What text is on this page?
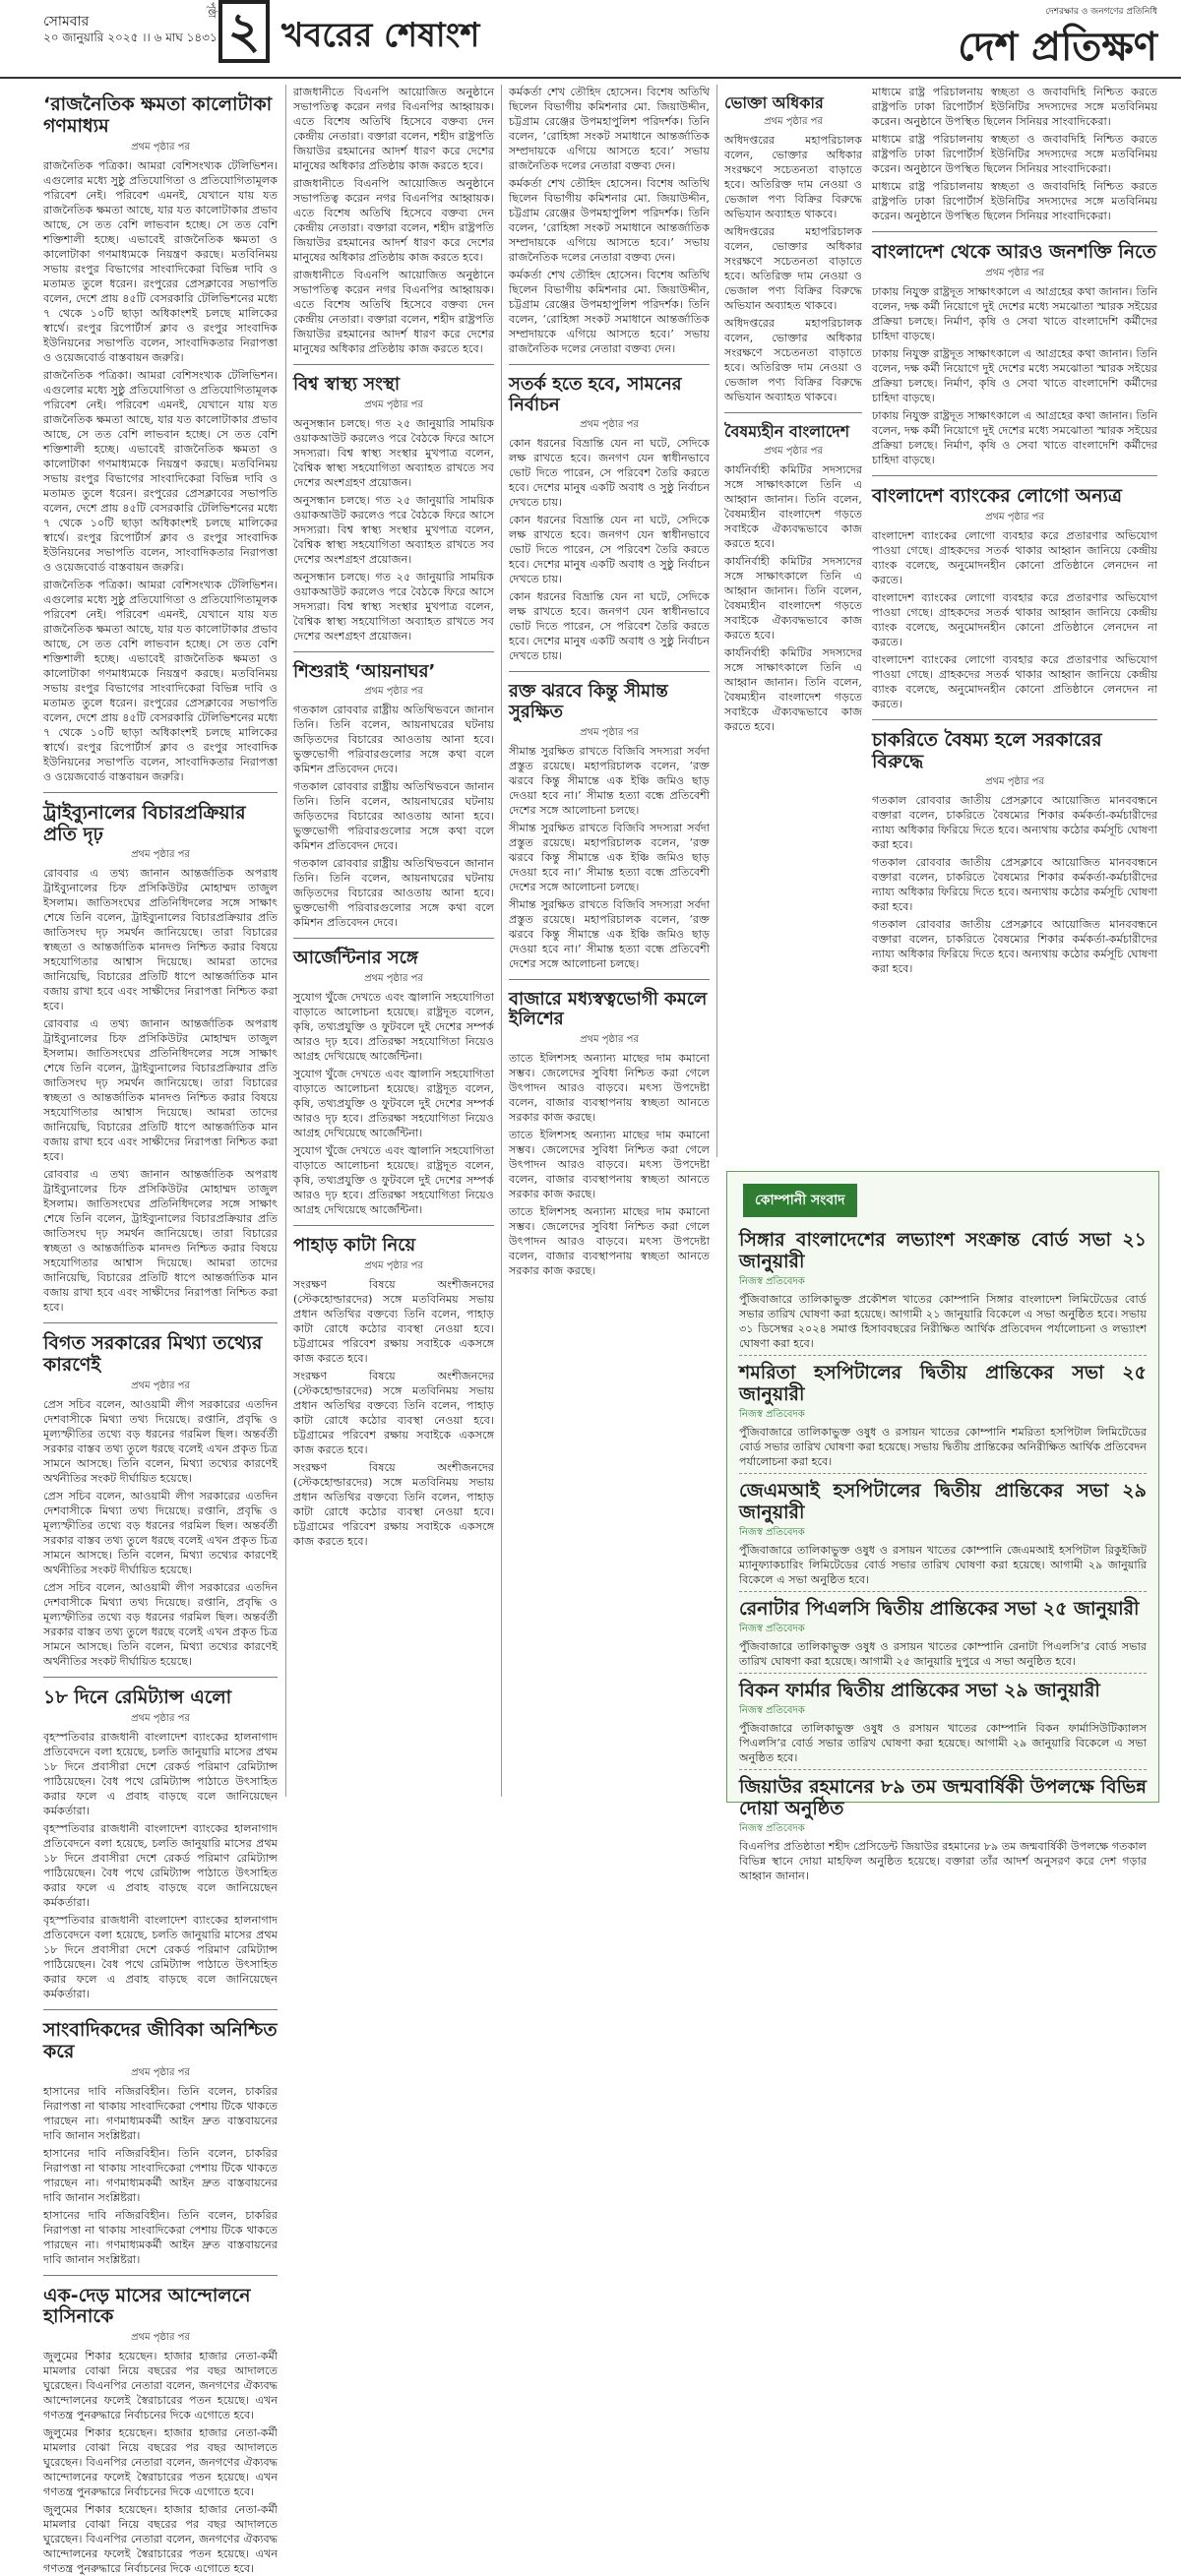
সোমবার
২০ জানুয়ারি ২০২৫ ।। ৬ মাঘ ১৪৩১
পৃষ্ঠা ২ খবরের শেষাংশ
দেশরক্ষার ও জনগণের প্রতিনিধি
দেশ প্রতিক্ষণ
‘রাজনৈতিক ক্ষমতা কালোটাকা গণমাধ্যম
প্রথম পৃষ্ঠার পর

রাজনৈতিক পত্রিকা। আমরা বেশিসংখ্যক টেলিভিশন। এগুলোর মধ্যে সুষ্ঠু প্রতিযোগিতা ও প্রতিযোগিতামূলক পরিবেশ নেই। পরিবেশ এমনই, যেখানে যায় যত রাজনৈতিক ক্ষমতা আছে, যার যত কালোটাকার প্রভাব আছে, সে তত বেশি লাভবান হচ্ছে। সে তত বেশি শক্তিশালী হচ্ছে। এভাবেই রাজনৈতিক ক্ষমতা ও কালোটাকা গণমাধ্যমকে নিয়ন্ত্রণ করছে। মতবিনিময় সভায় রংপুর বিভাগের সাংবাদিকেরা বিভিন্ন দাবি ও মতামত তুলে ধরেন। রংপুরের প্রেসক্লাবের সভাপতি বলেন, দেশে প্রায় ৪৫টি বেসরকারি টেলিভিশনের মধ্যে ৭ থেকে ১০টি ছাড়া অধিকাংশই চলছে মালিকের স্বার্থে। রংপুর রিপোর্টার্স ক্লাব ও রংপুর সাংবাদিক ইউনিয়নের সভাপতি বলেন, সাংবাদিকতার নিরাপত্তা ও ওয়েজবোর্ড বাস্তবায়ন জরুরি।

রাজনৈতিক পত্রিকা। আমরা বেশিসংখ্যক টেলিভিশন। এগুলোর মধ্যে সুষ্ঠু প্রতিযোগিতা ও প্রতিযোগিতামূলক পরিবেশ নেই। পরিবেশ এমনই, যেখানে যায় যত রাজনৈতিক ক্ষমতা আছে, যার যত কালোটাকার প্রভাব আছে, সে তত বেশি লাভবান হচ্ছে। সে তত বেশি শক্তিশালী হচ্ছে। এভাবেই রাজনৈতিক ক্ষমতা ও কালোটাকা গণমাধ্যমকে নিয়ন্ত্রণ করছে। মতবিনিময় সভায় রংপুর বিভাগের সাংবাদিকেরা বিভিন্ন দাবি ও মতামত তুলে ধরেন। রংপুরের প্রেসক্লাবের সভাপতি বলেন, দেশে প্রায় ৪৫টি বেসরকারি টেলিভিশনের মধ্যে ৭ থেকে ১০টি ছাড়া অধিকাংশই চলছে মালিকের স্বার্থে। রংপুর রিপোর্টার্স ক্লাব ও রংপুর সাংবাদিক ইউনিয়নের সভাপতি বলেন, সাংবাদিকতার নিরাপত্তা ও ওয়েজবোর্ড বাস্তবায়ন জরুরি।

রাজনৈতিক পত্রিকা। আমরা বেশিসংখ্যক টেলিভিশন। এগুলোর মধ্যে সুষ্ঠু প্রতিযোগিতা ও প্রতিযোগিতামূলক পরিবেশ নেই। পরিবেশ এমনই, যেখানে যায় যত রাজনৈতিক ক্ষমতা আছে, যার যত কালোটাকার প্রভাব আছে, সে তত বেশি লাভবান হচ্ছে। সে তত বেশি শক্তিশালী হচ্ছে। এভাবেই রাজনৈতিক ক্ষমতা ও কালোটাকা গণমাধ্যমকে নিয়ন্ত্রণ করছে। মতবিনিময় সভায় রংপুর বিভাগের সাংবাদিকেরা বিভিন্ন দাবি ও মতামত তুলে ধরেন। রংপুরের প্রেসক্লাবের সভাপতি বলেন, দেশে প্রায় ৪৫টি বেসরকারি টেলিভিশনের মধ্যে ৭ থেকে ১০টি ছাড়া অধিকাংশই চলছে মালিকের স্বার্থে। রংপুর রিপোর্টার্স ক্লাব ও রংপুর সাংবাদিক ইউনিয়নের সভাপতি বলেন, সাংবাদিকতার নিরাপত্তা ও ওয়েজবোর্ড বাস্তবায়ন জরুরি।

ট্রাইব্যুনালের বিচারপ্রক্রিয়ার প্রতি দৃঢ়
প্রথম পৃষ্ঠার পর

রোববার এ তথ্য জানান আন্তর্জাতিক অপরাধ ট্রাইব্যুনালের চিফ প্রসিকিউটর মোহাম্মদ তাজুল ইসলাম। জাতিসংঘের প্রতিনিধিদলের সঙ্গে সাক্ষাৎ শেষে তিনি বলেন, ট্রাইব্যুনালের বিচারপ্রক্রিয়ার প্রতি জাতিসংঘ দৃঢ় সমর্থন জানিয়েছে। তারা বিচারের স্বচ্ছতা ও আন্তর্জাতিক মানদণ্ড নিশ্চিত করার বিষয়ে সহযোগিতার আশ্বাস দিয়েছে। আমরা তাদের জানিয়েছি, বিচারের প্রতিটি ধাপে আন্তর্জাতিক মান বজায় রাখা হবে এবং সাক্ষীদের নিরাপত্তা নিশ্চিত করা হবে।

রোববার এ তথ্য জানান আন্তর্জাতিক অপরাধ ট্রাইব্যুনালের চিফ প্রসিকিউটর মোহাম্মদ তাজুল ইসলাম। জাতিসংঘের প্রতিনিধিদলের সঙ্গে সাক্ষাৎ শেষে তিনি বলেন, ট্রাইব্যুনালের বিচারপ্রক্রিয়ার প্রতি জাতিসংঘ দৃঢ় সমর্থন জানিয়েছে। তারা বিচারের স্বচ্ছতা ও আন্তর্জাতিক মানদণ্ড নিশ্চিত করার বিষয়ে সহযোগিতার আশ্বাস দিয়েছে। আমরা তাদের জানিয়েছি, বিচারের প্রতিটি ধাপে আন্তর্জাতিক মান বজায় রাখা হবে এবং সাক্ষীদের নিরাপত্তা নিশ্চিত করা হবে।

রোববার এ তথ্য জানান আন্তর্জাতিক অপরাধ ট্রাইব্যুনালের চিফ প্রসিকিউটর মোহাম্মদ তাজুল ইসলাম। জাতিসংঘের প্রতিনিধিদলের সঙ্গে সাক্ষাৎ শেষে তিনি বলেন, ট্রাইব্যুনালের বিচারপ্রক্রিয়ার প্রতি জাতিসংঘ দৃঢ় সমর্থন জানিয়েছে। তারা বিচারের স্বচ্ছতা ও আন্তর্জাতিক মানদণ্ড নিশ্চিত করার বিষয়ে সহযোগিতার আশ্বাস দিয়েছে। আমরা তাদের জানিয়েছি, বিচারের প্রতিটি ধাপে আন্তর্জাতিক মান বজায় রাখা হবে এবং সাক্ষীদের নিরাপত্তা নিশ্চিত করা হবে।

বিগত সরকারের মিথ্যা তথ্যের কারণেই
প্রথম পৃষ্ঠার পর

প্রেস সচিব বলেন, আওয়ামী লীগ সরকারের এতদিন দেশবাসীকে মিথ্যা তথ্য দিয়েছে। রপ্তানি, প্রবৃদ্ধি ও মূল্যস্ফীতির তথ্যে বড় ধরনের গরমিল ছিল। অন্তর্বর্তী সরকার বাস্তব তথ্য তুলে ধরছে বলেই এখন প্রকৃত চিত্র সামনে আসছে। তিনি বলেন, মিথ্যা তথ্যের কারণেই অর্থনীতির সংকট দীর্ঘায়িত হয়েছে।

প্রেস সচিব বলেন, আওয়ামী লীগ সরকারের এতদিন দেশবাসীকে মিথ্যা তথ্য দিয়েছে। রপ্তানি, প্রবৃদ্ধি ও মূল্যস্ফীতির তথ্যে বড় ধরনের গরমিল ছিল। অন্তর্বর্তী সরকার বাস্তব তথ্য তুলে ধরছে বলেই এখন প্রকৃত চিত্র সামনে আসছে। তিনি বলেন, মিথ্যা তথ্যের কারণেই অর্থনীতির সংকট দীর্ঘায়িত হয়েছে।

প্রেস সচিব বলেন, আওয়ামী লীগ সরকারের এতদিন দেশবাসীকে মিথ্যা তথ্য দিয়েছে। রপ্তানি, প্রবৃদ্ধি ও মূল্যস্ফীতির তথ্যে বড় ধরনের গরমিল ছিল। অন্তর্বর্তী সরকার বাস্তব তথ্য তুলে ধরছে বলেই এখন প্রকৃত চিত্র সামনে আসছে। তিনি বলেন, মিথ্যা তথ্যের কারণেই অর্থনীতির সংকট দীর্ঘায়িত হয়েছে।

১৮ দিনে রেমিট্যান্স এলো
প্রথম পৃষ্ঠার পর

বৃহস্পতিবার রাজধানী বাংলাদেশ ব্যাংকের হালনাগাদ প্রতিবেদনে বলা হয়েছে, চলতি জানুয়ারি মাসের প্রথম ১৮ দিনে প্রবাসীরা দেশে রেকর্ড পরিমাণ রেমিট্যান্স পাঠিয়েছেন। বৈধ পথে রেমিট্যান্স পাঠাতে উৎসাহিত করার ফলে এ প্রবাহ বাড়ছে বলে জানিয়েছেন কর্মকর্তারা।

বৃহস্পতিবার রাজধানী বাংলাদেশ ব্যাংকের হালনাগাদ প্রতিবেদনে বলা হয়েছে, চলতি জানুয়ারি মাসের প্রথম ১৮ দিনে প্রবাসীরা দেশে রেকর্ড পরিমাণ রেমিট্যান্স পাঠিয়েছেন। বৈধ পথে রেমিট্যান্স পাঠাতে উৎসাহিত করার ফলে এ প্রবাহ বাড়ছে বলে জানিয়েছেন কর্মকর্তারা।

বৃহস্পতিবার রাজধানী বাংলাদেশ ব্যাংকের হালনাগাদ প্রতিবেদনে বলা হয়েছে, চলতি জানুয়ারি মাসের প্রথম ১৮ দিনে প্রবাসীরা দেশে রেকর্ড পরিমাণ রেমিট্যান্স পাঠিয়েছেন। বৈধ পথে রেমিট্যান্স পাঠাতে উৎসাহিত করার ফলে এ প্রবাহ বাড়ছে বলে জানিয়েছেন কর্মকর্তারা।

সাংবাদিকদের জীবিকা অনিশ্চিত করে
প্রথম পৃষ্ঠার পর

হাসানের দাবি নজিরবিহীন। তিনি বলেন, চাকরির নিরাপত্তা না থাকায় সাংবাদিকেরা পেশায় টিকে থাকতে পারছেন না। গণমাধ্যমকর্মী আইন দ্রুত বাস্তবায়নের দাবি জানান সংশ্লিষ্টরা।

হাসানের দাবি নজিরবিহীন। তিনি বলেন, চাকরির নিরাপত্তা না থাকায় সাংবাদিকেরা পেশায় টিকে থাকতে পারছেন না। গণমাধ্যমকর্মী আইন দ্রুত বাস্তবায়নের দাবি জানান সংশ্লিষ্টরা।

হাসানের দাবি নজিরবিহীন। তিনি বলেন, চাকরির নিরাপত্তা না থাকায় সাংবাদিকেরা পেশায় টিকে থাকতে পারছেন না। গণমাধ্যমকর্মী আইন দ্রুত বাস্তবায়নের দাবি জানান সংশ্লিষ্টরা।

এক-দেড় মাসের আন্দোলনে হাসিনাকে
প্রথম পৃষ্ঠার পর

জুলুমের শিকার হয়েছেন। হাজার হাজার নেতা-কর্মী মামলার বোঝা নিয়ে বছরের পর বছর আদালতে ঘুরেছেন। বিএনপির নেতারা বলেন, জনগণের ঐক্যবদ্ধ আন্দোলনের ফলেই স্বৈরাচারের পতন হয়েছে। এখন গণতন্ত্র পুনরুদ্ধারে নির্বাচনের দিকে এগোতে হবে।

জুলুমের শিকার হয়েছেন। হাজার হাজার নেতা-কর্মী মামলার বোঝা নিয়ে বছরের পর বছর আদালতে ঘুরেছেন। বিএনপির নেতারা বলেন, জনগণের ঐক্যবদ্ধ আন্দোলনের ফলেই স্বৈরাচারের পতন হয়েছে। এখন গণতন্ত্র পুনরুদ্ধারে নির্বাচনের দিকে এগোতে হবে।

জুলুমের শিকার হয়েছেন। হাজার হাজার নেতা-কর্মী মামলার বোঝা নিয়ে বছরের পর বছর আদালতে ঘুরেছেন। বিএনপির নেতারা বলেন, জনগণের ঐক্যবদ্ধ আন্দোলনের ফলেই স্বৈরাচারের পতন হয়েছে। এখন গণতন্ত্র পুনরুদ্ধারে নির্বাচনের দিকে এগোতে হবে।

রাজধানীতে বিএনপি আয়োজিত অনুষ্ঠানে সভাপতিত্ব করেন নগর বিএনপির আহ্বায়ক। এতে বিশেষ অতিথি হিসেবে বক্তব্য দেন কেন্দ্রীয় নেতারা। বক্তারা বলেন, শহীদ রাষ্ট্রপতি জিয়াউর রহমানের আদর্শ ধারণ করে দেশের মানুষের অধিকার প্রতিষ্ঠায় কাজ করতে হবে।

রাজধানীতে বিএনপি আয়োজিত অনুষ্ঠানে সভাপতিত্ব করেন নগর বিএনপির আহ্বায়ক। এতে বিশেষ অতিথি হিসেবে বক্তব্য দেন কেন্দ্রীয় নেতারা। বক্তারা বলেন, শহীদ রাষ্ট্রপতি জিয়াউর রহমানের আদর্শ ধারণ করে দেশের মানুষের অধিকার প্রতিষ্ঠায় কাজ করতে হবে।

রাজধানীতে বিএনপি আয়োজিত অনুষ্ঠানে সভাপতিত্ব করেন নগর বিএনপির আহ্বায়ক। এতে বিশেষ অতিথি হিসেবে বক্তব্য দেন কেন্দ্রীয় নেতারা। বক্তারা বলেন, শহীদ রাষ্ট্রপতি জিয়াউর রহমানের আদর্শ ধারণ করে দেশের মানুষের অধিকার প্রতিষ্ঠায় কাজ করতে হবে।

বিশ্ব স্বাস্থ্য সংস্থা
প্রথম পৃষ্ঠার পর

অনুসন্ধান চলছে। গত ২৫ জানুয়ারি সাময়িক ওয়াকআউট করলেও পরে বৈঠকে ফিরে আসে সদস্যরা। বিশ্ব স্বাস্থ্য সংস্থার মুখপাত্র বলেন, বৈশ্বিক স্বাস্থ্য সহযোগিতা অব্যাহত রাখতে সব দেশের অংশগ্রহণ প্রয়োজন।

অনুসন্ধান চলছে। গত ২৫ জানুয়ারি সাময়িক ওয়াকআউট করলেও পরে বৈঠকে ফিরে আসে সদস্যরা। বিশ্ব স্বাস্থ্য সংস্থার মুখপাত্র বলেন, বৈশ্বিক স্বাস্থ্য সহযোগিতা অব্যাহত রাখতে সব দেশের অংশগ্রহণ প্রয়োজন।

অনুসন্ধান চলছে। গত ২৫ জানুয়ারি সাময়িক ওয়াকআউট করলেও পরে বৈঠকে ফিরে আসে সদস্যরা। বিশ্ব স্বাস্থ্য সংস্থার মুখপাত্র বলেন, বৈশ্বিক স্বাস্থ্য সহযোগিতা অব্যাহত রাখতে সব দেশের অংশগ্রহণ প্রয়োজন।

শিশুরাই ‘আয়নাঘর’
প্রথম পৃষ্ঠার পর

গতকাল রোববার রাষ্ট্রীয় অতিথিভবনে জানান তিনি। তিনি বলেন, আয়নাঘরের ঘটনায় জড়িতদের বিচারের আওতায় আনা হবে। ভুক্তভোগী পরিবারগুলোর সঙ্গে কথা বলে কমিশন প্রতিবেদন দেবে।

গতকাল রোববার রাষ্ট্রীয় অতিথিভবনে জানান তিনি। তিনি বলেন, আয়নাঘরের ঘটনায় জড়িতদের বিচারের আওতায় আনা হবে। ভুক্তভোগী পরিবারগুলোর সঙ্গে কথা বলে কমিশন প্রতিবেদন দেবে।

গতকাল রোববার রাষ্ট্রীয় অতিথিভবনে জানান তিনি। তিনি বলেন, আয়নাঘরের ঘটনায় জড়িতদের বিচারের আওতায় আনা হবে। ভুক্তভোগী পরিবারগুলোর সঙ্গে কথা বলে কমিশন প্রতিবেদন দেবে।

আর্জেন্টিনার সঙ্গে
প্রথম পৃষ্ঠার পর

সুযোগ খুঁজে দেখতে এবং জ্বালানি সহযোগিতা বাড়াতে আলোচনা হয়েছে। রাষ্ট্রদূত বলেন, কৃষি, তথ্যপ্রযুক্তি ও ফুটবলে দুই দেশের সম্পর্ক আরও দৃঢ় হবে। প্রতিরক্ষা সহযোগিতা নিয়েও আগ্রহ দেখিয়েছে আর্জেন্টিনা।

সুযোগ খুঁজে দেখতে এবং জ্বালানি সহযোগিতা বাড়াতে আলোচনা হয়েছে। রাষ্ট্রদূত বলেন, কৃষি, তথ্যপ্রযুক্তি ও ফুটবলে দুই দেশের সম্পর্ক আরও দৃঢ় হবে। প্রতিরক্ষা সহযোগিতা নিয়েও আগ্রহ দেখিয়েছে আর্জেন্টিনা।

সুযোগ খুঁজে দেখতে এবং জ্বালানি সহযোগিতা বাড়াতে আলোচনা হয়েছে। রাষ্ট্রদূত বলেন, কৃষি, তথ্যপ্রযুক্তি ও ফুটবলে দুই দেশের সম্পর্ক আরও দৃঢ় হবে। প্রতিরক্ষা সহযোগিতা নিয়েও আগ্রহ দেখিয়েছে আর্জেন্টিনা।

পাহাড় কাটা নিয়ে
প্রথম পৃষ্ঠার পর

সংরক্ষণ বিষয়ে অংশীজনদের (স্টেকহোল্ডারদের) সঙ্গে মতবিনিময় সভায় প্রধান অতিথির বক্তব্যে তিনি বলেন, পাহাড় কাটা রোধে কঠোর ব্যবস্থা নেওয়া হবে। চট্টগ্রামের পরিবেশ রক্ষায় সবাইকে একসঙ্গে কাজ করতে হবে।

সংরক্ষণ বিষয়ে অংশীজনদের (স্টেকহোল্ডারদের) সঙ্গে মতবিনিময় সভায় প্রধান অতিথির বক্তব্যে তিনি বলেন, পাহাড় কাটা রোধে কঠোর ব্যবস্থা নেওয়া হবে। চট্টগ্রামের পরিবেশ রক্ষায় সবাইকে একসঙ্গে কাজ করতে হবে।

সংরক্ষণ বিষয়ে অংশীজনদের (স্টেকহোল্ডারদের) সঙ্গে মতবিনিময় সভায় প্রধান অতিথির বক্তব্যে তিনি বলেন, পাহাড় কাটা রোধে কঠোর ব্যবস্থা নেওয়া হবে। চট্টগ্রামের পরিবেশ রক্ষায় সবাইকে একসঙ্গে কাজ করতে হবে।

কর্মকর্তা শেখ তৌহিদ হোসেন। বিশেষ অতিথি ছিলেন বিভাগীয় কমিশনার মো. জিয়াউদ্দীন, চট্টগ্রাম রেঞ্জের উপমহাপুলিশ পরিদর্শক। তিনি বলেন, ‘রোহিঙ্গা সংকট সমাধানে আন্তর্জাতিক সম্প্রদায়কে এগিয়ে আসতে হবে।’ সভায় রাজনৈতিক দলের নেতারা বক্তব্য দেন।

কর্মকর্তা শেখ তৌহিদ হোসেন। বিশেষ অতিথি ছিলেন বিভাগীয় কমিশনার মো. জিয়াউদ্দীন, চট্টগ্রাম রেঞ্জের উপমহাপুলিশ পরিদর্শক। তিনি বলেন, ‘রোহিঙ্গা সংকট সমাধানে আন্তর্জাতিক সম্প্রদায়কে এগিয়ে আসতে হবে।’ সভায় রাজনৈতিক দলের নেতারা বক্তব্য দেন।

কর্মকর্তা শেখ তৌহিদ হোসেন। বিশেষ অতিথি ছিলেন বিভাগীয় কমিশনার মো. জিয়াউদ্দীন, চট্টগ্রাম রেঞ্জের উপমহাপুলিশ পরিদর্শক। তিনি বলেন, ‘রোহিঙ্গা সংকট সমাধানে আন্তর্জাতিক সম্প্রদায়কে এগিয়ে আসতে হবে।’ সভায় রাজনৈতিক দলের নেতারা বক্তব্য দেন।

সতর্ক হতে হবে, সামনের নির্বাচন
প্রথম পৃষ্ঠার পর

কোন ধরনের বিভ্রান্তি যেন না ঘটে, সেদিকে লক্ষ রাখতে হবে। জনগণ যেন স্বাধীনভাবে ভোট দিতে পারেন, সে পরিবেশ তৈরি করতে হবে। দেশের মানুষ একটি অবাধ ও সুষ্ঠু নির্বাচন দেখতে চায়।

কোন ধরনের বিভ্রান্তি যেন না ঘটে, সেদিকে লক্ষ রাখতে হবে। জনগণ যেন স্বাধীনভাবে ভোট দিতে পারেন, সে পরিবেশ তৈরি করতে হবে। দেশের মানুষ একটি অবাধ ও সুষ্ঠু নির্বাচন দেখতে চায়।

কোন ধরনের বিভ্রান্তি যেন না ঘটে, সেদিকে লক্ষ রাখতে হবে। জনগণ যেন স্বাধীনভাবে ভোট দিতে পারেন, সে পরিবেশ তৈরি করতে হবে। দেশের মানুষ একটি অবাধ ও সুষ্ঠু নির্বাচন দেখতে চায়।

রক্ত ঝরবে কিন্তু সীমান্ত সুরক্ষিত
প্রথম পৃষ্ঠার পর

সীমান্ত সুরক্ষিত রাখতে বিজিবি সদস্যরা সর্বদা প্রস্তুত রয়েছে। মহাপরিচালক বলেন, ‘রক্ত ঝরবে কিন্তু সীমান্তে এক ইঞ্চি জমিও ছাড় দেওয়া হবে না।’ সীমান্ত হত্যা বন্ধে প্রতিবেশী দেশের সঙ্গে আলোচনা চলছে।

সীমান্ত সুরক্ষিত রাখতে বিজিবি সদস্যরা সর্বদা প্রস্তুত রয়েছে। মহাপরিচালক বলেন, ‘রক্ত ঝরবে কিন্তু সীমান্তে এক ইঞ্চি জমিও ছাড় দেওয়া হবে না।’ সীমান্ত হত্যা বন্ধে প্রতিবেশী দেশের সঙ্গে আলোচনা চলছে।

সীমান্ত সুরক্ষিত রাখতে বিজিবি সদস্যরা সর্বদা প্রস্তুত রয়েছে। মহাপরিচালক বলেন, ‘রক্ত ঝরবে কিন্তু সীমান্তে এক ইঞ্চি জমিও ছাড় দেওয়া হবে না।’ সীমান্ত হত্যা বন্ধে প্রতিবেশী দেশের সঙ্গে আলোচনা চলছে।

বাজারে মধ্যস্বত্বভোগী কমলে ইলিশের
প্রথম পৃষ্ঠার পর

তাতে ইলিশসহ অন্যান্য মাছের দাম কমানো সম্ভব। জেলেদের সুবিধা নিশ্চিত করা গেলে উৎপাদন আরও বাড়বে। মৎস্য উপদেষ্টা বলেন, বাজার ব্যবস্থাপনায় স্বচ্ছতা আনতে সরকার কাজ করছে।

তাতে ইলিশসহ অন্যান্য মাছের দাম কমানো সম্ভব। জেলেদের সুবিধা নিশ্চিত করা গেলে উৎপাদন আরও বাড়বে। মৎস্য উপদেষ্টা বলেন, বাজার ব্যবস্থাপনায় স্বচ্ছতা আনতে সরকার কাজ করছে।

তাতে ইলিশসহ অন্যান্য মাছের দাম কমানো সম্ভব। জেলেদের সুবিধা নিশ্চিত করা গেলে উৎপাদন আরও বাড়বে। মৎস্য উপদেষ্টা বলেন, বাজার ব্যবস্থাপনায় স্বচ্ছতা আনতে সরকার কাজ করছে।

ভোক্তা অধিকার
প্রথম পৃষ্ঠার পর

অধিদপ্তরের মহাপরিচালক বলেন, ভোক্তার অধিকার সংরক্ষণে সচেতনতা বাড়াতে হবে। অতিরিক্ত দাম নেওয়া ও ভেজাল পণ্য বিক্রির বিরুদ্ধে অভিযান অব্যাহত থাকবে।

অধিদপ্তরের মহাপরিচালক বলেন, ভোক্তার অধিকার সংরক্ষণে সচেতনতা বাড়াতে হবে। অতিরিক্ত দাম নেওয়া ও ভেজাল পণ্য বিক্রির বিরুদ্ধে অভিযান অব্যাহত থাকবে।

অধিদপ্তরের মহাপরিচালক বলেন, ভোক্তার অধিকার সংরক্ষণে সচেতনতা বাড়াতে হবে। অতিরিক্ত দাম নেওয়া ও ভেজাল পণ্য বিক্রির বিরুদ্ধে অভিযান অব্যাহত থাকবে।

বৈষম্যহীন বাংলাদেশ
প্রথম পৃষ্ঠার পর

কার্যনির্বাহী কমিটির সদস্যদের সঙ্গে সাক্ষাৎকালে তিনি এ আহ্বান জানান। তিনি বলেন, বৈষম্যহীন বাংলাদেশ গড়তে সবাইকে ঐক্যবদ্ধভাবে কাজ করতে হবে।

কার্যনির্বাহী কমিটির সদস্যদের সঙ্গে সাক্ষাৎকালে তিনি এ আহ্বান জানান। তিনি বলেন, বৈষম্যহীন বাংলাদেশ গড়তে সবাইকে ঐক্যবদ্ধভাবে কাজ করতে হবে।

কার্যনির্বাহী কমিটির সদস্যদের সঙ্গে সাক্ষাৎকালে তিনি এ আহ্বান জানান। তিনি বলেন, বৈষম্যহীন বাংলাদেশ গড়তে সবাইকে ঐক্যবদ্ধভাবে কাজ করতে হবে।

মাধ্যমে রাষ্ট্র পরিচালনায় স্বচ্ছতা ও জবাবদিহি নিশ্চিত করতে রাষ্ট্রপতি ঢাকা রিপোর্টার্স ইউনিটির সদস্যদের সঙ্গে মতবিনিময় করেন। অনুষ্ঠানে উপস্থিত ছিলেন সিনিয়র সাংবাদিকেরা।

মাধ্যমে রাষ্ট্র পরিচালনায় স্বচ্ছতা ও জবাবদিহি নিশ্চিত করতে রাষ্ট্রপতি ঢাকা রিপোর্টার্স ইউনিটির সদস্যদের সঙ্গে মতবিনিময় করেন। অনুষ্ঠানে উপস্থিত ছিলেন সিনিয়র সাংবাদিকেরা।

মাধ্যমে রাষ্ট্র পরিচালনায় স্বচ্ছতা ও জবাবদিহি নিশ্চিত করতে রাষ্ট্রপতি ঢাকা রিপোর্টার্স ইউনিটির সদস্যদের সঙ্গে মতবিনিময় করেন। অনুষ্ঠানে উপস্থিত ছিলেন সিনিয়র সাংবাদিকেরা।

বাংলাদেশ থেকে আরও জনশক্তি নিতে
প্রথম পৃষ্ঠার পর

ঢাকায় নিযুক্ত রাষ্ট্রদূত সাক্ষাৎকালে এ আগ্রহের কথা জানান। তিনি বলেন, দক্ষ কর্মী নিয়োগে দুই দেশের মধ্যে সমঝোতা স্মারক সইয়ের প্রক্রিয়া চলছে। নির্মাণ, কৃষি ও সেবা খাতে বাংলাদেশি কর্মীদের চাহিদা বাড়ছে।

ঢাকায় নিযুক্ত রাষ্ট্রদূত সাক্ষাৎকালে এ আগ্রহের কথা জানান। তিনি বলেন, দক্ষ কর্মী নিয়োগে দুই দেশের মধ্যে সমঝোতা স্মারক সইয়ের প্রক্রিয়া চলছে। নির্মাণ, কৃষি ও সেবা খাতে বাংলাদেশি কর্মীদের চাহিদা বাড়ছে।

ঢাকায় নিযুক্ত রাষ্ট্রদূত সাক্ষাৎকালে এ আগ্রহের কথা জানান। তিনি বলেন, দক্ষ কর্মী নিয়োগে দুই দেশের মধ্যে সমঝোতা স্মারক সইয়ের প্রক্রিয়া চলছে। নির্মাণ, কৃষি ও সেবা খাতে বাংলাদেশি কর্মীদের চাহিদা বাড়ছে।

বাংলাদেশ ব্যাংকের লোগো অন্যত্র
প্রথম পৃষ্ঠার পর

বাংলাদেশ ব্যাংকের লোগো ব্যবহার করে প্রতারণার অভিযোগ পাওয়া গেছে। গ্রাহকদের সতর্ক থাকার আহ্বান জানিয়ে কেন্দ্রীয় ব্যাংক বলেছে, অনুমোদনহীন কোনো প্রতিষ্ঠানে লেনদেন না করতে।

বাংলাদেশ ব্যাংকের লোগো ব্যবহার করে প্রতারণার অভিযোগ পাওয়া গেছে। গ্রাহকদের সতর্ক থাকার আহ্বান জানিয়ে কেন্দ্রীয় ব্যাংক বলেছে, অনুমোদনহীন কোনো প্রতিষ্ঠানে লেনদেন না করতে।

বাংলাদেশ ব্যাংকের লোগো ব্যবহার করে প্রতারণার অভিযোগ পাওয়া গেছে। গ্রাহকদের সতর্ক থাকার আহ্বান জানিয়ে কেন্দ্রীয় ব্যাংক বলেছে, অনুমোদনহীন কোনো প্রতিষ্ঠানে লেনদেন না করতে।

চাকরিতে বৈষম্য হলে সরকারের বিরুদ্ধে
প্রথম পৃষ্ঠার পর

গতকাল রোববার জাতীয় প্রেসক্লাবে আয়োজিত মানববন্ধনে বক্তারা বলেন, চাকরিতে বৈষম্যের শিকার কর্মকর্তা-কর্মচারীদের ন্যায্য অধিকার ফিরিয়ে দিতে হবে। অন্যথায় কঠোর কর্মসূচি ঘোষণা করা হবে।

গতকাল রোববার জাতীয় প্রেসক্লাবে আয়োজিত মানববন্ধনে বক্তারা বলেন, চাকরিতে বৈষম্যের শিকার কর্মকর্তা-কর্মচারীদের ন্যায্য অধিকার ফিরিয়ে দিতে হবে। অন্যথায় কঠোর কর্মসূচি ঘোষণা করা হবে।

গতকাল রোববার জাতীয় প্রেসক্লাবে আয়োজিত মানববন্ধনে বক্তারা বলেন, চাকরিতে বৈষম্যের শিকার কর্মকর্তা-কর্মচারীদের ন্যায্য অধিকার ফিরিয়ে দিতে হবে। অন্যথায় কঠোর কর্মসূচি ঘোষণা করা হবে।

কোম্পানী সংবাদ
সিঙ্গার বাংলাদেশের লভ্যাংশ সংক্রান্ত বোর্ড সভা ২১ জানুয়ারী
নিজস্ব প্রতিবেদক

পুঁজিবাজারে তালিকাভুক্ত প্রকৌশল খাতের কোম্পানি সিঙ্গার বাংলাদেশ লিমিটেডের বোর্ড সভার তারিখ ঘোষণা করা হয়েছে। আগামী ২১ জানুয়ারি বিকেলে এ সভা অনুষ্ঠিত হবে। সভায় ৩১ ডিসেম্বর ২০২৪ সমাপ্ত হিসাববছরের নিরীক্ষিত আর্থিক প্রতিবেদন পর্যালোচনা ও লভ্যাংশ ঘোষণা করা হবে।

শমরিতা হসপিটালের দ্বিতীয় প্রান্তিকের সভা ২৫ জানুয়ারী
নিজস্ব প্রতিবেদক

পুঁজিবাজারে তালিকাভুক্ত ওষুধ ও রসায়ন খাতের কোম্পানি শমরিতা হসপিটাল লিমিটেডের বোর্ড সভার তারিখ ঘোষণা করা হয়েছে। সভায় দ্বিতীয় প্রান্তিকের অনিরীক্ষিত আর্থিক প্রতিবেদন পর্যালোচনা করা হবে।

জেএমআই হসপিটালের দ্বিতীয় প্রান্তিকের সভা ২৯ জানুয়ারী
নিজস্ব প্রতিবেদক

পুঁজিবাজারে তালিকাভুক্ত ওষুধ ও রসায়ন খাতের কোম্পানি জেএমআই হসপিটাল রিকুইজিট ম্যানুফ্যাকচারিং লিমিটেডের বোর্ড সভার তারিখ ঘোষণা করা হয়েছে। আগামী ২৯ জানুয়ারি বিকেলে এ সভা অনুষ্ঠিত হবে।

রেনাটার পিএলসি দ্বিতীয় প্রান্তিকের সভা ২৫ জানুয়ারী
নিজস্ব প্রতিবেদক

পুঁজিবাজারে তালিকাভুক্ত ওষুধ ও রসায়ন খাতের কোম্পানি রেনাটা পিএলসি’র বোর্ড সভার তারিখ ঘোষণা করা হয়েছে। আগামী ২৫ জানুয়ারি দুপুরে এ সভা অনুষ্ঠিত হবে।

বিকন ফার্মার দ্বিতীয় প্রান্তিকের সভা ২৯ জানুয়ারী
নিজস্ব প্রতিবেদক

পুঁজিবাজারে তালিকাভুক্ত ওষুধ ও রসায়ন খাতের কোম্পানি বিকন ফার্মাসিউটিক্যালস পিএলসি’র বোর্ড সভার তারিখ ঘোষণা করা হয়েছে। আগামী ২৯ জানুয়ারি বিকেলে এ সভা অনুষ্ঠিত হবে।

জিয়াউর রহমানের ৮৯ তম জন্মবার্ষিকী উপলক্ষে বিভিন্ন দোয়া অনুষ্ঠিত
নিজস্ব প্রতিবেদক

বিএনপির প্রতিষ্ঠাতা শহীদ প্রেসিডেন্ট জিয়াউর রহমানের ৮৯ তম জন্মবার্ষিকী উপলক্ষে গতকাল বিভিন্ন স্থানে দোয়া মাহফিল অনুষ্ঠিত হয়েছে। বক্তারা তাঁর আদর্শ অনুসরণ করে দেশ গড়ার আহ্বান জানান।
